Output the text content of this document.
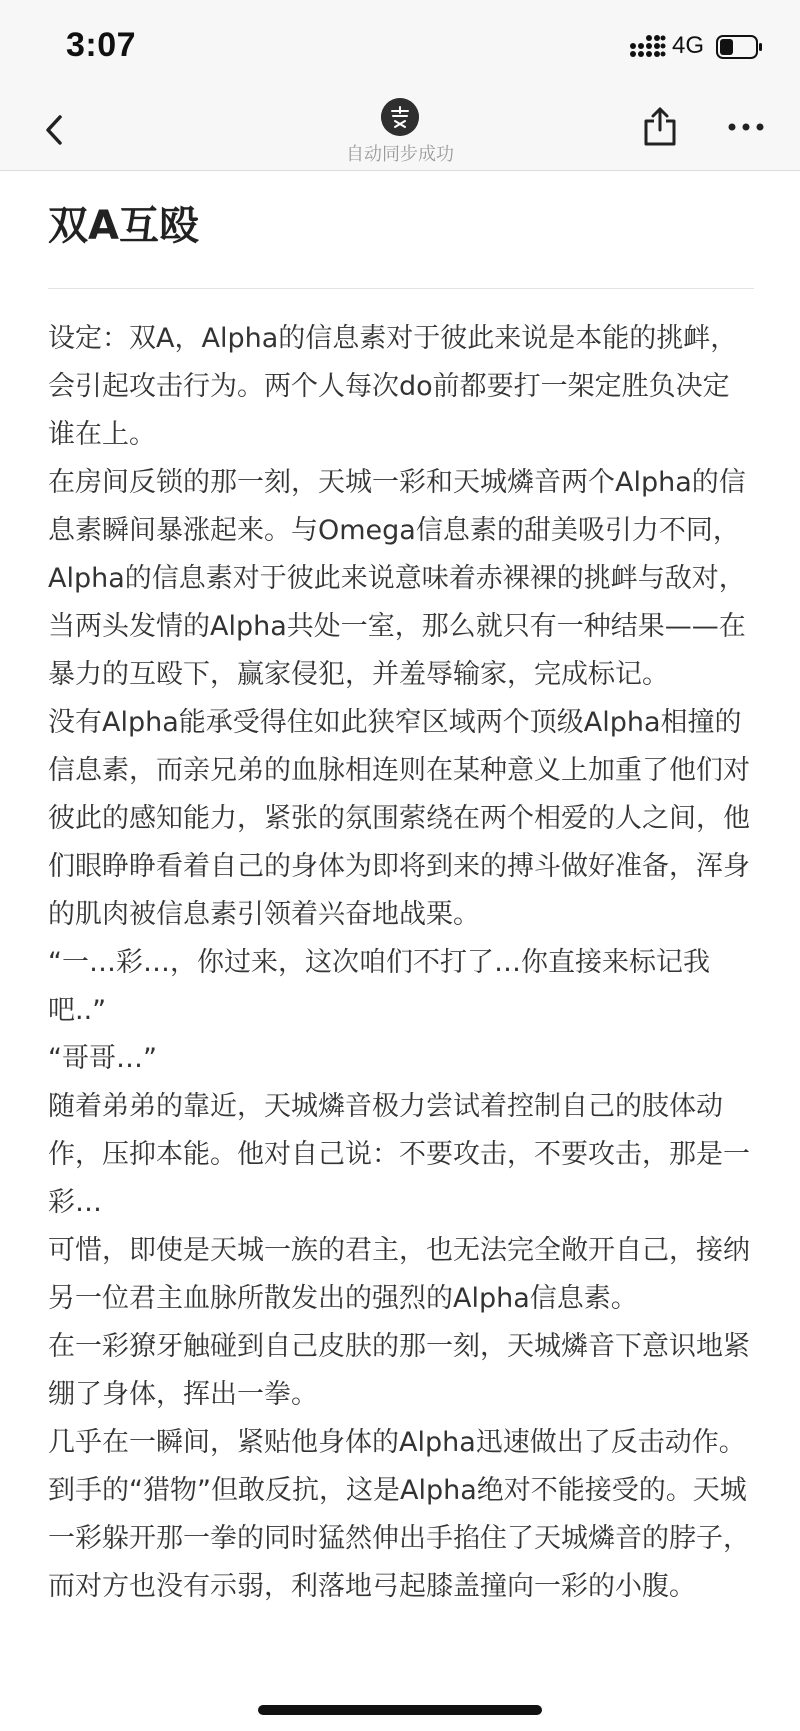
3:07	4G
自动同步成功
双A互殴

设定：双A，Alpha的信息素对于彼此来说是本能的挑衅，会引起攻击行为。两个人每次do前都要打一架定胜负决定谁在上。

在房间反锁的那一刻，天城一彩和天城燐音两个Alpha的信息素瞬间暴涨起来。与Omega信息素的甜美吸引力不同，Alpha的信息素对于彼此来说意味着赤裸裸的挑衅与敌对，当两头发情的Alpha共处一室，那么就只有一种结果——在暴力的互殴下，赢家侵犯，并羞辱输家，完成标记。

没有Alpha能承受得住如此狭窄区域两个顶级Alpha相撞的信息素，而亲兄弟的血脉相连则在某种意义上加重了他们对彼此的感知能力，紧张的氛围萦绕在两个相爱的人之间，他们眼睁睁看着自己的身体为即将到来的搏斗做好准备，浑身的肌肉被信息素引领着兴奋地战栗。

“一…彩…，你过来，这次咱们不打了…你直接来标记我吧..”

“哥哥…”

随着弟弟的靠近，天城燐音极力尝试着控制自己的肢体动作，压抑本能。他对自己说：不要攻击，不要攻击，那是一彩…

可惜，即使是天城一族的君主，也无法完全敞开自己，接纳另一位君主血脉所散发出的强烈的Alpha信息素。

在一彩獠牙触碰到自己皮肤的那一刻，天城燐音下意识地紧绷了身体，挥出一拳。

几乎在一瞬间，紧贴他身体的Alpha迅速做出了反击动作。到手的“猎物”但敢反抗，这是Alpha绝对不能接受的。天城一彩躲开那一拳的同时猛然伸出手掐住了天城燐音的脖子，而对方也没有示弱，利落地弓起膝盖撞向一彩的小腹。
